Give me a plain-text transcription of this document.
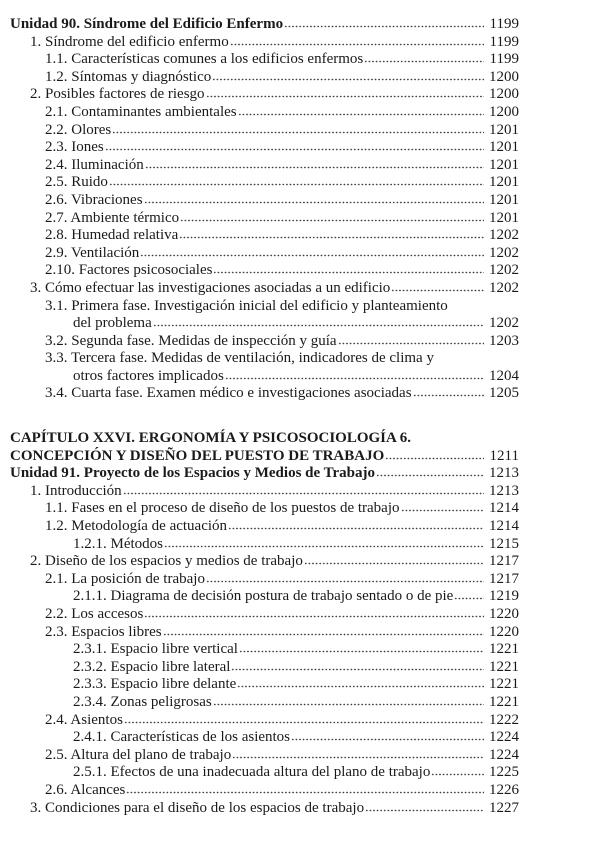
Unidad 90. Síndrome del Edificio Enfermo	1199
1. Síndrome del edificio enfermo	1199
1.1. Características comunes a los edificios enfermos	1199
1.2. Síntomas y diagnóstico	1200
2. Posibles factores de riesgo	1200
2.1. Contaminantes ambientales	1200
2.2. Olores	1201
2.3. Iones	1201
2.4. Iluminación	1201
2.5. Ruido	1201
2.6. Vibraciones	1201
2.7. Ambiente térmico	1201
2.8. Humedad relativa	1202
2.9. Ventilación	1202
2.10. Factores psicosociales	1202
3. Cómo efectuar las investigaciones asociadas a un edificio	1202
3.1. Primera fase. Investigación inicial del edificio y planteamiento
del problema	1202
3.2. Segunda fase. Medidas de inspección y guía	1203
3.3. Tercera fase. Medidas de ventilación, indicadores de clima y
otros factores implicados	1204
3.4. Cuarta fase. Examen médico e investigaciones asociadas	1205
CAPÍTULO XXVI. ERGONOMÍA Y PSICOSOCIOLOGÍA 6.
CONCEPCIÓN Y DISEÑO DEL PUESTO DE TRABAJO	1211
Unidad 91. Proyecto de los Espacios y Medios de Trabajo	1213
1. Introducción	1213
1.1. Fases en el proceso de diseño de los puestos de trabajo	1214
1.2. Metodología de actuación	1214
1.2.1. Métodos	1215
2. Diseño de los espacios y medios de trabajo	1217
2.1. La posición de trabajo	1217
2.1.1. Diagrama de decisión postura de trabajo sentado o de pie 1219
2.2. Los accesos	1220
2.3. Espacios libres	1220
2.3.1. Espacio libre vertical	1221
2.3.2. Espacio libre lateral	1221
2.3.3. Espacio libre delante	1221
2.3.4. Zonas peligrosas	1221
2.4. Asientos	1222
2.4.1. Características de los asientos	1224
2.5. Altura del plano de trabajo	1224
2.5.1. Efectos de una inadecuada altura del plano de trabajo	1225
2.6. Alcances	1226
3. Condiciones para el diseño de los espacios de trabajo	1227
